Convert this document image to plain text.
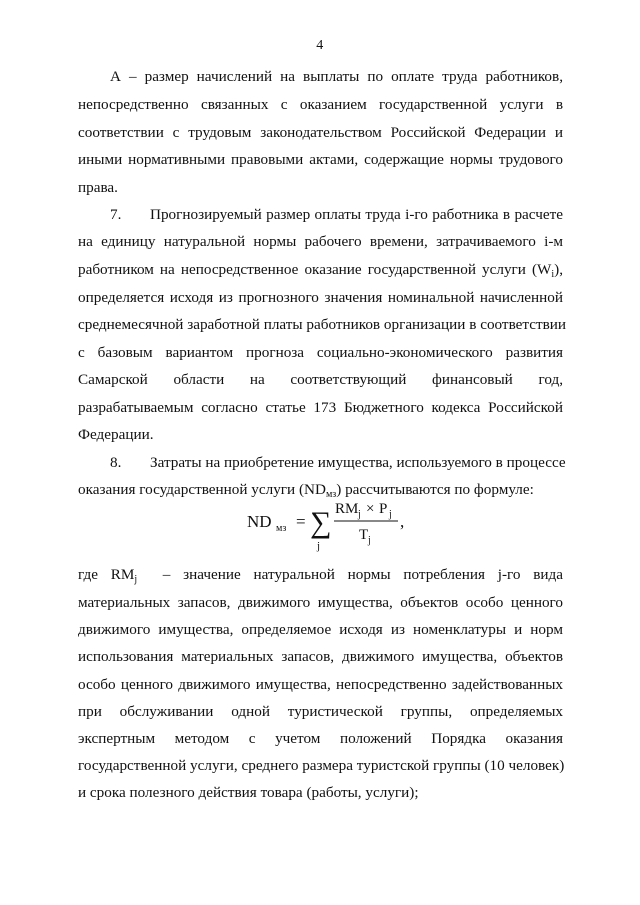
4
А – размер начислений на выплаты по оплате труда работников,
непосредственно связанных с оказанием государственной услуги в
соответствии с трудовым законодательством Российской Федерации и
иными нормативными правовыми актами, содержащие нормы трудового
права.
7. Прогнозируемый размер оплаты труда i-го работника в расчете
на единицу натуральной нормы рабочего времени, затрачиваемого i-м
работником на непосредственное оказание государственной услуги $(W_i)$,
определяется исходя из прогнозного значения номинальной начисленной
среднемесячной заработной платы работников организации в соответствии
с базовым вариантом прогноза социально-экономического развития
Самарской области на соответствующий финансовый год,
разрабатываемым согласно статье 173 Бюджетного кодекса Российской
Федерации.
8. Затраты на приобретение имущества, используемого в процессе
оказания государственной услуги $(ND_{мз})$ рассчитываются по формуле:
ND мз = ∑
j
RM j × P j
T j
,
где $RM_j$ – значение натуральной нормы потребления j-го вида
материальных запасов, движимого имущества, объектов особо ценного
движимого имущества, определяемое исходя из номенклатуры и норм
использования материальных запасов, движимого имущества, объектов
особо ценного движимого имущества, непосредственно задействованных
при обслуживании одной туристической группы, определяемых
экспертным методом с учетом положений Порядка оказания
государственной услуги, среднего размера туристской группы (10 человек)
и срока полезного действия товара (работы, услуги);
